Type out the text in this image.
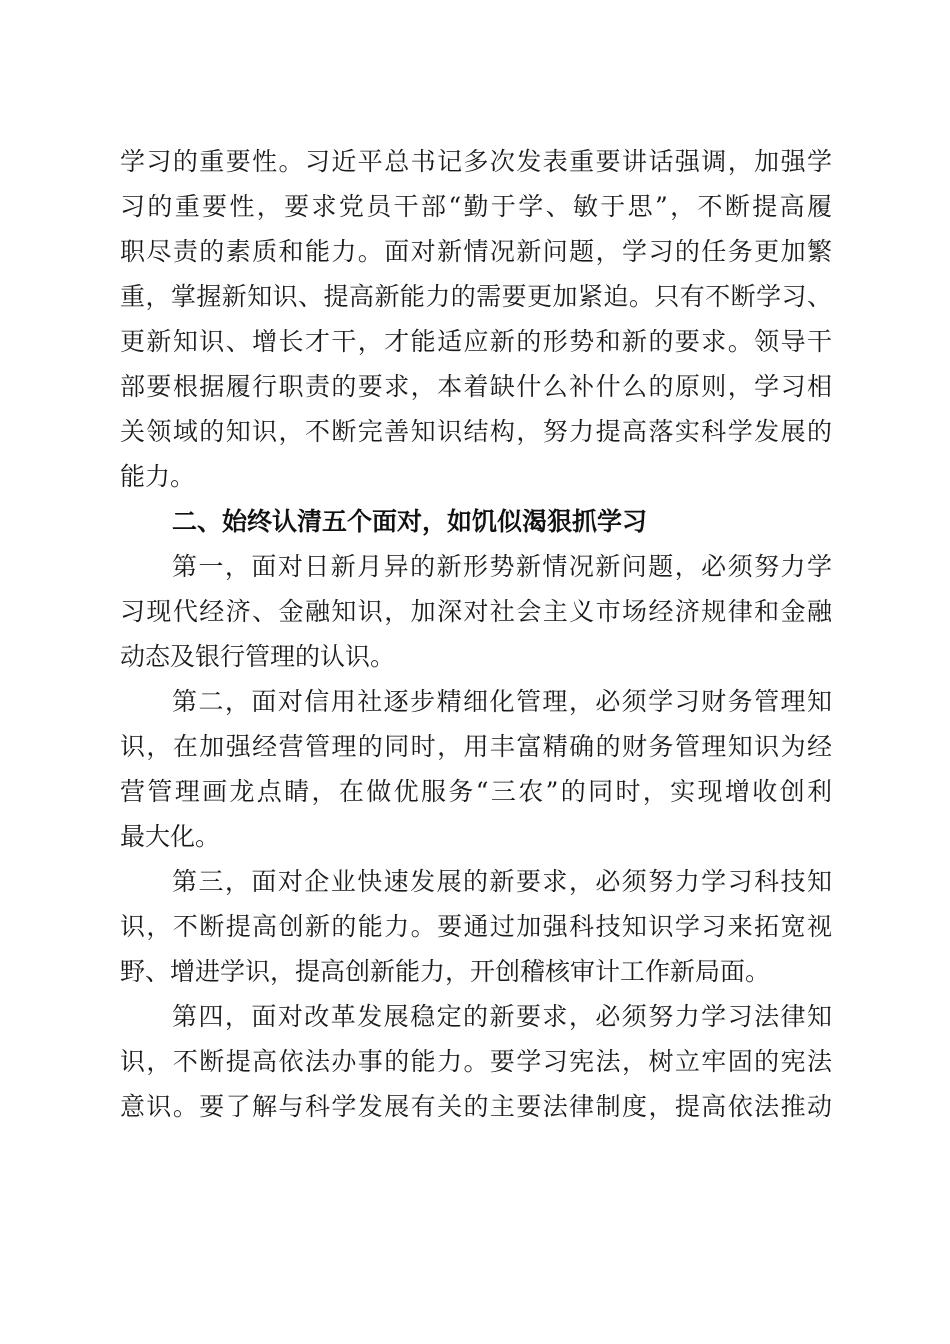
学习的重要性。习近平总书记多次发表重要讲话强调，加强学
习的重要性，要求党员干部“勤于学、敏于思”，不断提高履
职尽责的素质和能力。面对新情况新问题，学习的任务更加繁
重，掌握新知识、提高新能力的需要更加紧迫。只有不断学习、
更新知识、增长才干，才能适应新的形势和新的要求。领导干
部要根据履行职责的要求，本着缺什么补什么的原则，学习相
关领域的知识，不断完善知识结构，努力提高落实科学发展的
能力。
二、始终认清五个面对，如饥似渴狠抓学习
第一，面对日新月异的新形势新情况新问题，必须努力学
习现代经济、金融知识，加深对社会主义市场经济规律和金融
动态及银行管理的认识。
第二，面对信用社逐步精细化管理，必须学习财务管理知
识，在加强经营管理的同时，用丰富精确的财务管理知识为经
营管理画龙点睛，在做优服务“三农”的同时，实现增收创利
最大化。
第三，面对企业快速发展的新要求，必须努力学习科技知
识，不断提高创新的能力。要通过加强科技知识学习来拓宽视
野、增进学识，提高创新能力，开创稽核审计工作新局面。
第四，面对改革发展稳定的新要求，必须努力学习法律知
识，不断提高依法办事的能力。要学习宪法，树立牢固的宪法
意识。要了解与科学发展有关的主要法律制度，提高依法推动
